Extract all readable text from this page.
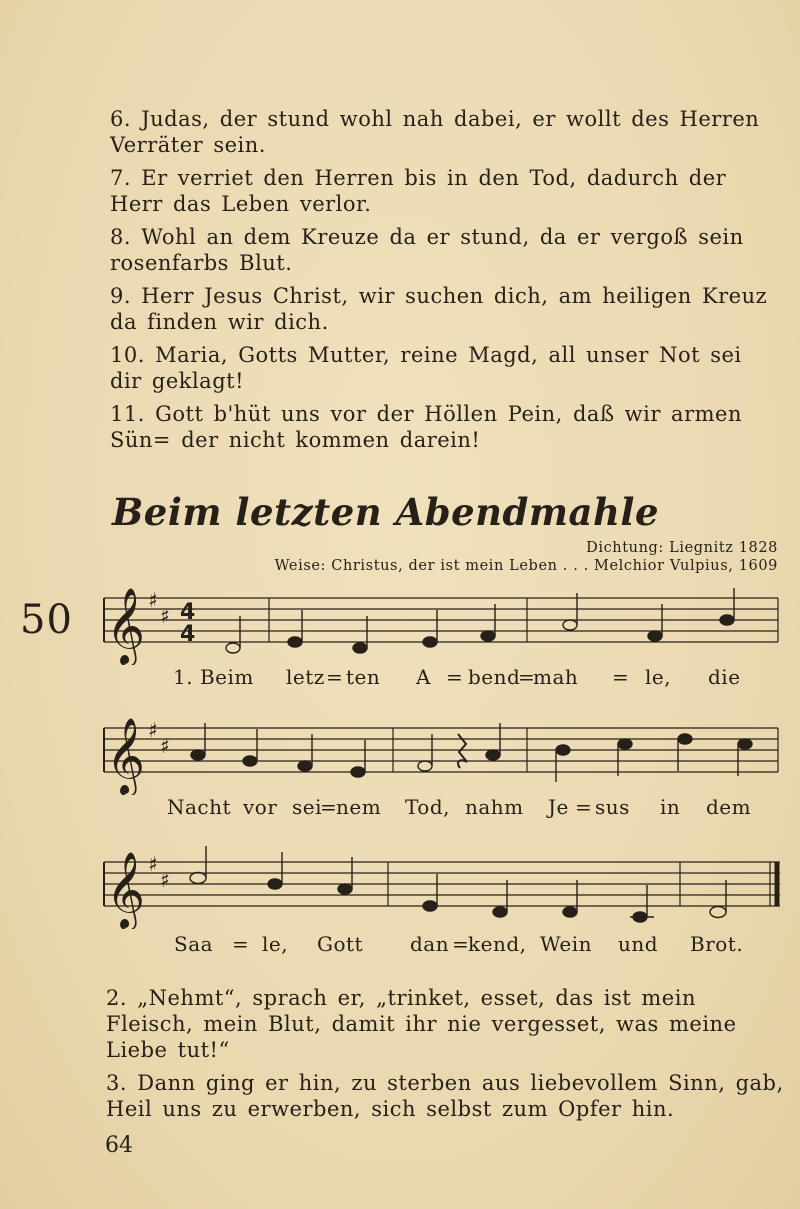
6. Judas, der stund wohl nah dabei, er wollt des Herren Verräter sein.
7. Er verriet den Herren bis in den Tod, dadurch der Herr das Leben verlor.
8. Wohl an dem Kreuze da er stund, da er vergoß sein rosenfarbs Blut.
9. Herr Jesus Christ, wir suchen dich, am heiligen Kreuz da finden wir dich.
10. Maria, Gotts Mutter, reine Magd, all unser Not sei dir geklagt!
11. Gott b'hüt uns vor der Höllen Pein, daß wir armen Sün= der nicht kommen darein!
Beim letzten Abendmahle
Dichtung: Liegnitz 1828
Weise: Christus, der ist mein Leben . . . Melchior Vulpius, 1609
50 𝄞 ♯
♯ 4
4
1. Beim letz = ten A = bend
=
mah = le, die
𝄞 ♯
♯
Nacht vor sei
=
nem Tod, nahm Je = sus in dem
𝄞 ♯
♯
Saa = le, Gott dan =
kend, Wein und Brot.
2. „Nehmt“, sprach er, „trinket, esset, das ist mein Fleisch, mein Blut, damit ihr nie vergesset, was meine Liebe tut!“
3. Dann ging er hin, zu sterben aus liebevollem Sinn, gab, Heil uns zu erwerben, sich selbst zum Opfer hin.
64
